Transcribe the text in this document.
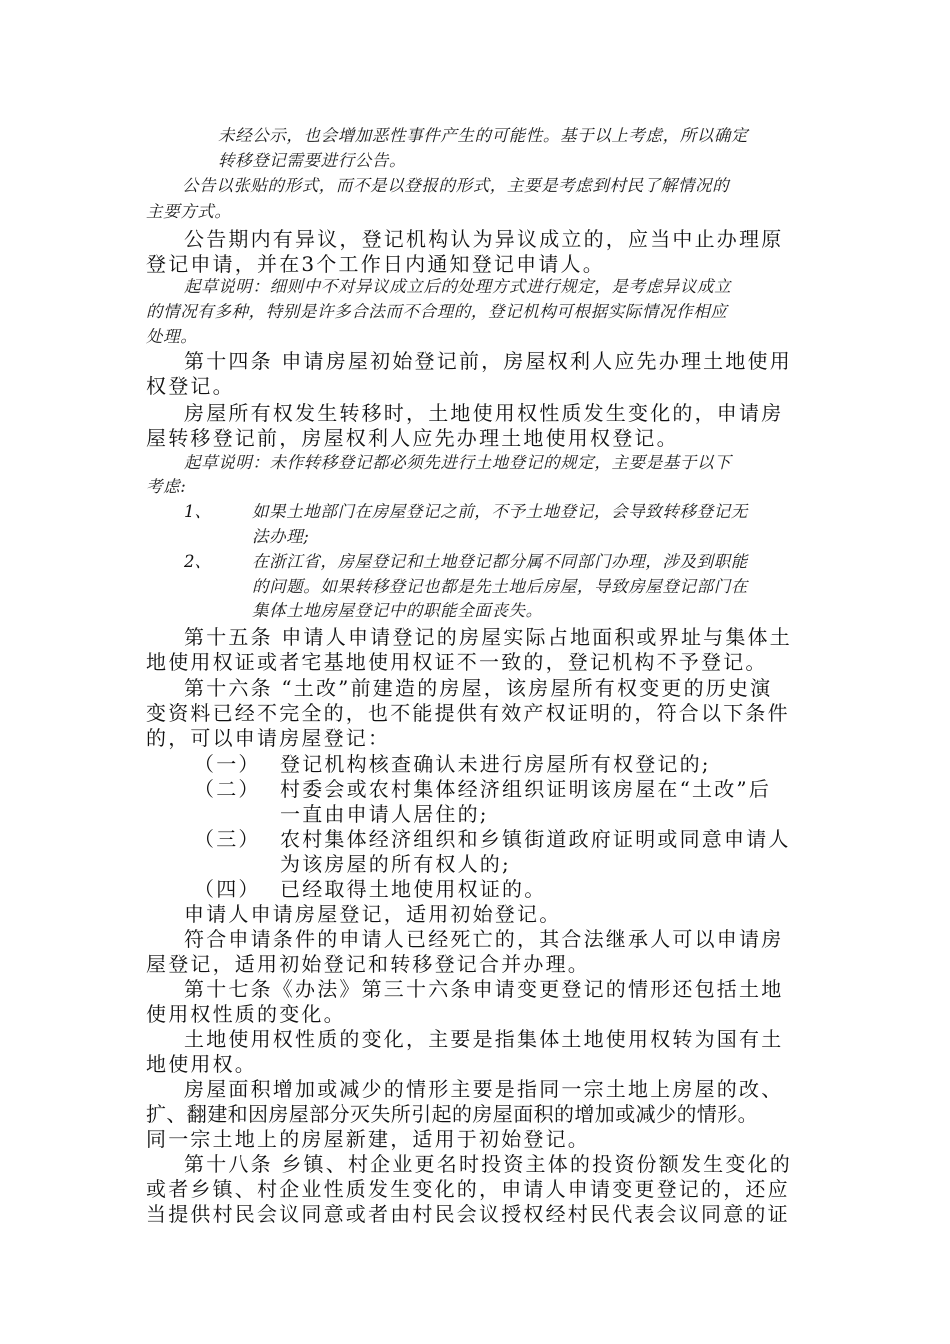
未经公示，也会增加恶性事件产生的可能性。基于以上考虑，所以确定

转移登记需要进行公告。

公告以张贴的形式，而不是以登报的形式，主要是考虑到村民了解情况的

主要方式。

公告期内有异议，登记机构认为异议成立的，应当中止办理原

登记申请，并在3个工作日内通知登记申请人。

起草说明：细则中不对异议成立后的处理方式进行规定，是考虑异议成立

的情况有多种，特别是许多合法而不合理的，登记机构可根据实际情况作相应

处理。

第十四条 申请房屋初始登记前，房屋权利人应先办理土地使用

权登记。

房屋所有权发生转移时，土地使用权性质发生变化的，申请房

屋转移登记前，房屋权利人应先办理土地使用权登记。

起草说明：未作转移登记都必须先进行土地登记的规定，主要是基于以下

考虑:

1、 如果土地部门在房屋登记之前，不予土地登记，会导致转移登记无

法办理;

2、 在浙江省，房屋登记和土地登记都分属不同部门办理，涉及到职能

的问题。如果转移登记也都是先土地后房屋，导致房屋登记部门在

集体土地房屋登记中的职能全面丧失。

第十五条 申请人申请登记的房屋实际占地面积或界址与集体土

地使用权证或者宅基地使用权证不一致的，登记机构不予登记。

第十六条 “土改”前建造的房屋，该房屋所有权变更的历史演

变资料已经不完全的，也不能提供有效产权证明的，符合以下条件

的，可以申请房屋登记：

（一） 登记机构核查确认未进行房屋所有权登记的;

（二） 村委会或农村集体经济组织证明该房屋在“土改”后

一直由申请人居住的;

（三） 农村集体经济组织和乡镇街道政府证明或同意申请人

为该房屋的所有权人的;

（四） 已经取得土地使用权证的。

申请人申请房屋登记，适用初始登记。

符合申请条件的申请人已经死亡的，其合法继承人可以申请房

屋登记，适用初始登记和转移登记合并办理。

第十七条《办法》第三十六条申请变更登记的情形还包括土地

使用权性质的变化。

土地使用权性质的变化，主要是指集体土地使用权转为国有土

地使用权。

房屋面积增加或减少的情形主要是指同一宗土地上房屋的改、

扩、翻建和因房屋部分灭失所引起的房屋面积的增加或减少的情形。

同一宗土地上的房屋新建，适用于初始登记。

第十八条 乡镇、村企业更名时投资主体的投资份额发生变化的

或者乡镇、村企业性质发生变化的，申请人申请变更登记的，还应

当提供村民会议同意或者由村民会议授权经村民代表会议同意的证
